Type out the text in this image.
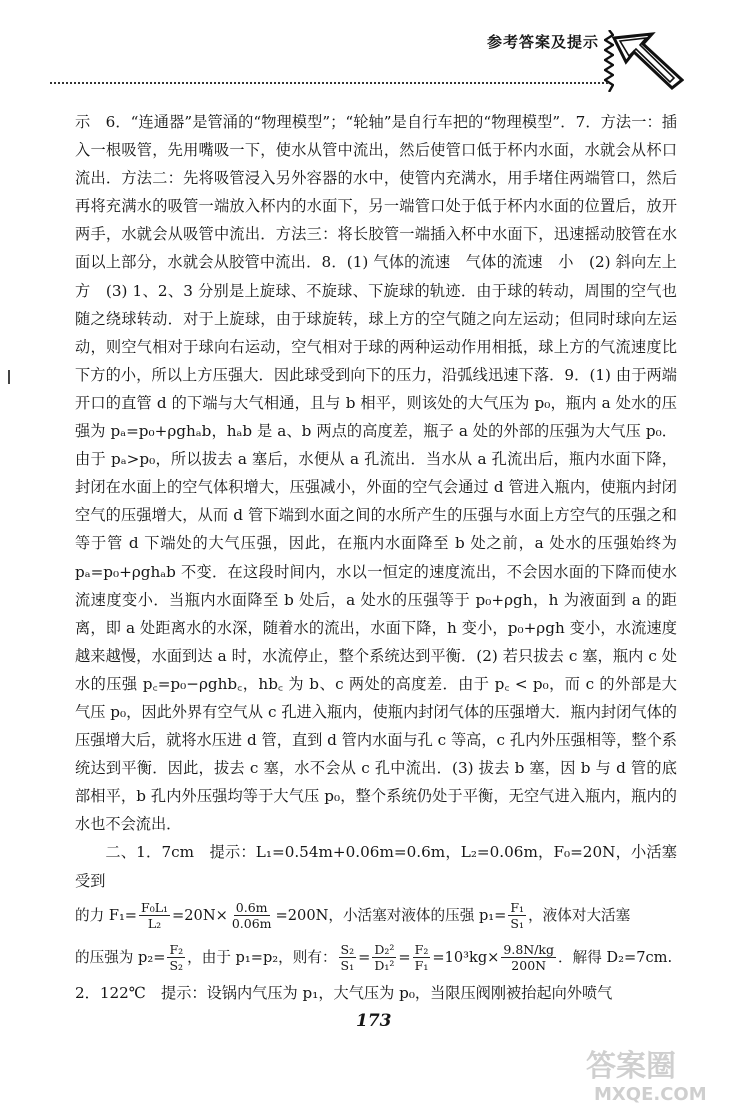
参考答案及提示

示　6．“连通器”是管涌的“物理模型”；“轮轴”是自行车把的“物理模型”．7．方法一：插入一根吸管，先用嘴吸一下，使水从管中流出，然后使管口低于杯内水面，水就会从杯口流出．方法二：先将吸管浸入另外容器的水中，使管内充满水，用手堵住两端管口，然后再将充满水的吸管一端放入杯内的水面下，另一端管口处于低于杯内水面的位置后，放开两手，水就会从吸管中流出．方法三：将长胶管一端插入杯中水面下，迅速摇动胶管在水面以上部分，水就会从胶管中流出．8．(1) 气体的流速　气体的流速　小　(2) 斜向左上方　(3) 1、2、3 分别是上旋球、不旋球、下旋球的轨迹．由于球的转动，周围的空气也随之绕球转动．对于上旋球，由于球旋转，球上方的空气随之向左运动；但同时球向左运动，则空气相对于球向右运动，空气相对于球的两种运动作用相抵，球上方的气流速度比下方的小，所以上方压强大．因此球受到向下的压力，沿弧线迅速下落．9．(1) 由于两端开口的直管 d 的下端与大气相通，且与 b 相平，则该处的大气压为 p₀，瓶内 a 处水的压强为 pₐ=p₀+ρghₐb，hₐb 是 a、b 两点的高度差，瓶子 a 处的外部的压强为大气压 p₀．由于 pₐ>p₀，所以拔去 a 塞后，水便从 a 孔流出．当水从 a 孔流出后，瓶内水面下降，封闭在水面上的空气体积增大，压强减小，外面的空气会通过 d 管进入瓶内，使瓶内封闭空气的压强增大，从而 d 管下端到水面之间的水所产生的压强与水面上方空气的压强之和等于管 d 下端处的大气压强，因此，在瓶内水面降至 b 处之前，a 处水的压强始终为 pₐ=p₀+ρghₐb 不变．在这段时间内，水以一恒定的速度流出，不会因水面的下降而使水流速度变小．当瓶内水面降至 b 处后，a 处水的压强等于 p₀+ρgh，h 为液面到 a 的距离，即 a 处距离水的水深，随着水的流出，水面下降，h 变小，p₀+ρgh 变小，水流速度越来越慢，水面到达 a 时，水流停止，整个系统达到平衡．(2) 若只拔去 c 塞，瓶内 c 处水的压强 p꜀=p₀−ρghb꜀，hb꜀ 为 b、c 两处的高度差．由于 p꜀ < p₀，而 c 的外部是大气压 p₀，因此外界有空气从 c 孔进入瓶内，使瓶内封闭气体的压强增大．瓶内封闭气体的压强增大后，就将水压进 d 管，直到 d 管内水面与孔 c 等高，c 孔内外压强相等，整个系统达到平衡．因此，拔去 c 塞，水不会从 c 孔中流出．(3) 拔去 b 塞，因 b 与 d 管的底部相平，b 孔内外压强均等于大气压 p₀，整个系统仍处于平衡，无空气进入瓶内，瓶内的水也不会流出．

二、1．7cm　提示：L₁=0.54m+0.06m=0.6m，L₂=0.06m，F₀=20N，小活塞受到

的力 $F_1= \frac{\text{F₀L₁}}{\text{L₂}} =20N\times \frac{0.6m}{0.06m} =200N$，小活塞对液体的压强 $p_1= \frac{\text{F₁}}{\text{S₁}}$ ，液体对大活塞
的压强为 $p_2= \frac{\text{F₂}}{\text{S₂}}$ ，由于 p₁=p₂，则有： $\frac{\text{S₂}}{\text{S₁}} = \frac{\text{D₂²}}{\text{D₁²}} = \frac{\text{F₂}}{\text{F₁}} =10^3kg\times \frac{9.8N/kg}{200N}$ ．解得 D₂=7cm.

2．122℃　提示：设锅内气压为 p₁，大气压为 p₀，当限压阀刚被抬起向外喷气

173
答案圈
MXQE.COM
